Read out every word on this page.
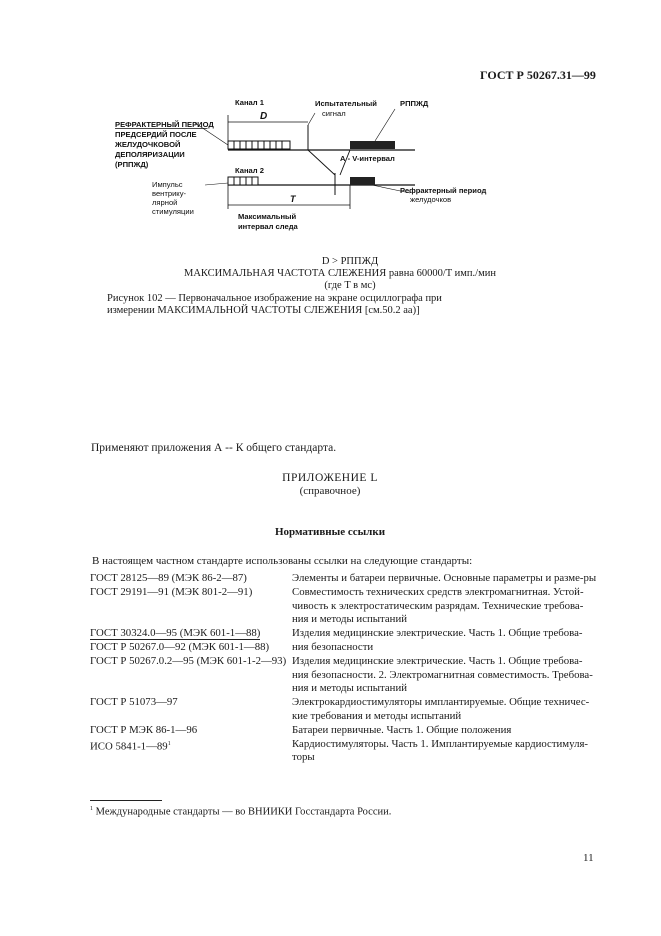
ГОСТ Р 50267.31—99
РЕФРАКТЕРНЫЙ ПЕРИОД
ПРЕДСЕРДИЙ ПОСЛЕ
ЖЕЛУДОЧКОВОЙ
ДЕПОЛЯРИЗАЦИИ
(РППЖД)
Канал 1
D
Испытательный
сигнал
РППЖД
А - V-интервал
Канал 2
Импульс
вентрику-
лярной
стимуляции
Рефрактерный период
желудочков
T
Максимальный
интервал следа
D > РППЖД
МАКСИМАЛЬНАЯ ЧАСТОТА СЛЕЖЕНИЯ равна 60000/T имп./мин
(где T в мс)
Рисунок 102 — Первоначальное изображение на экране осциллографа при
измерении МАКСИМАЛЬНОЙ ЧАСТОТЫ СЛЕЖЕНИЯ [см.50.2 аа)]
Применяют приложения А -- К общего стандарта.
ПРИЛОЖЕНИЕ L
(справочное)
Нормативные ссылки
В настоящем частном стандарте использованы ссылки на следующие стандарты:
ГОСТ 28125—89 (МЭК 86-2—87)	Элементы и батареи первичные. Основные параметры и разме-ры
ГОСТ 29191—91 (МЭК 801-2—91)	Совместимость технических средств электромагнитная. Устой-чивость к электростатическим разрядам. Технические требова-ния и методы испытаний
ГОСТ 30324.0—95 (МЭК 601-1—88)	Изделия медицинские электрические. Часть 1. Общие требова-ния безопасности
ГОСТ Р 50267.0—92 (МЭК 601-1—88)	
ГОСТ Р 50267.0.2—95 (МЭК 601-1-2—93)	Изделия медицинские электрические. Часть 1. Общие требова-ния безопасности. 2. Электромагнитная совместимость. Требова-ния и методы испытаний
ГОСТ Р 51073—97	Электрокардиостимуляторы имплантируемые. Общие техничес-кие требования и методы испытаний
ГОСТ Р МЭК 86-1—96	Батареи первичные. Часть 1. Общие положения
ИСО $5841-1—89^1$	Кардиостимуляторы. Часть 1. Имплантируемые кардиостимуля-торы
$^1$ Международные стандарты — во ВНИИКИ Госстандарта России.
11
